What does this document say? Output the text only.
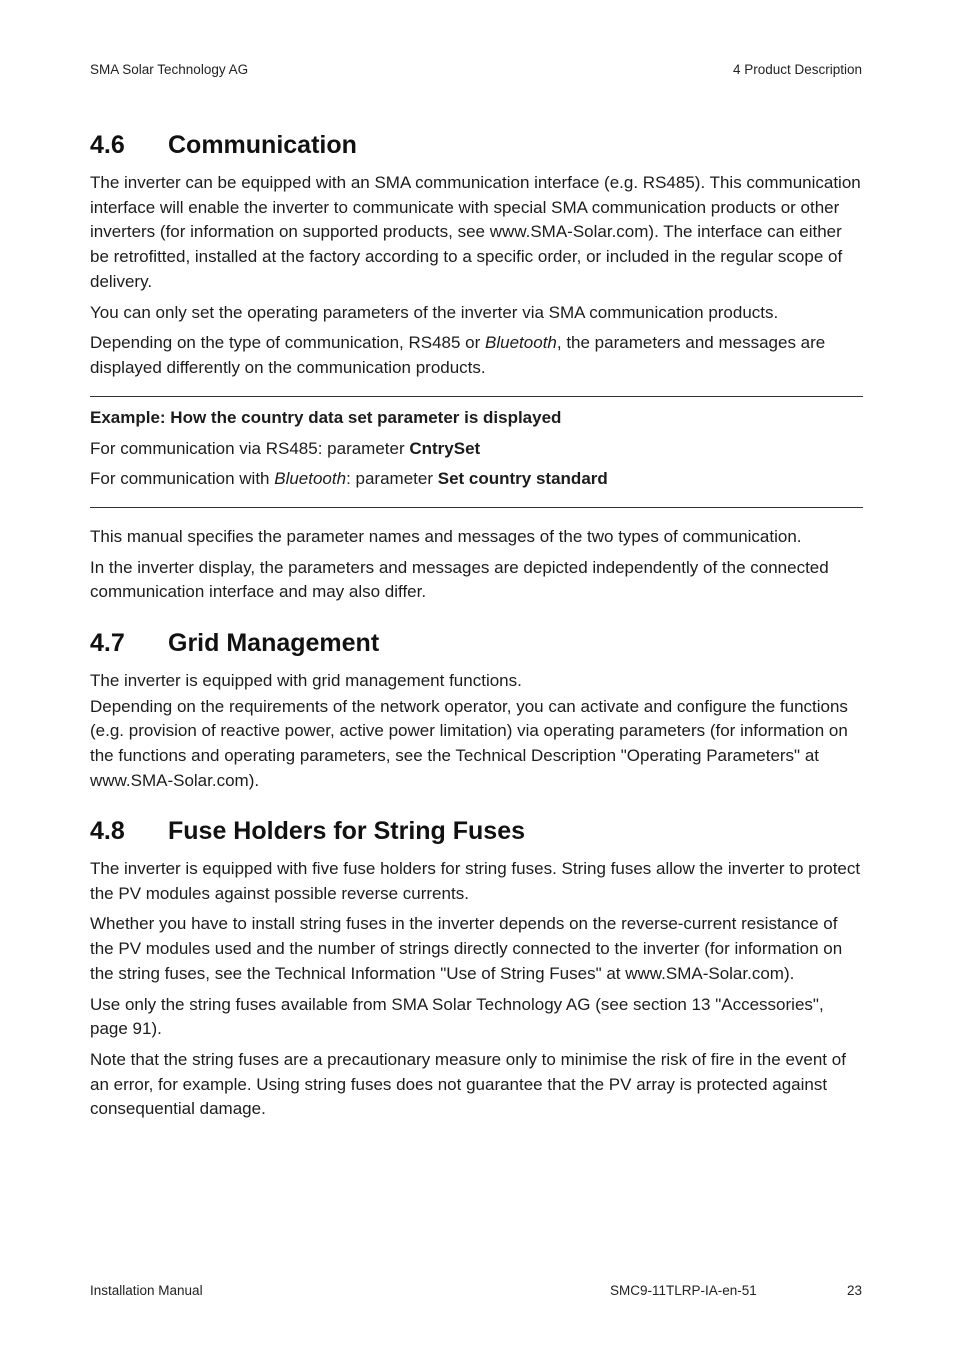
SMA Solar Technology AG	4 Product Description
4.6	Communication

The inverter can be equipped with an SMA communication interface (e.g. RS485). This communication interface will enable the inverter to communicate with special SMA communication products or other inverters (for information on supported products, see www.SMA-Solar.com). The interface can either be retrofitted, installed at the factory according to a specific order, or included in the regular scope of delivery.

You can only set the operating parameters of the inverter via SMA communication products.

Depending on the type of communication, RS485 or Bluetooth, the parameters and messages are displayed differently on the communication products.

Example: How the country data set parameter is displayed

For communication via RS485: parameter CntrySet

For communication with Bluetooth: parameter Set country standard

This manual specifies the parameter names and messages of the two types of communication.

In the inverter display, the parameters and messages are depicted independently of the connected communication interface and may also differ.

4.7	Grid Management

The inverter is equipped with grid management functions.

Depending on the requirements of the network operator, you can activate and configure the functions (e.g. provision of reactive power, active power limitation) via operating parameters (for information on the functions and operating parameters, see the Technical Description "Operating Parameters" at www.SMA-Solar.com).

4.8	Fuse Holders for String Fuses

The inverter is equipped with five fuse holders for string fuses. String fuses allow the inverter to protect the PV modules against possible reverse currents.

Whether you have to install string fuses in the inverter depends on the reverse-current resistance of the PV modules used and the number of strings directly connected to the inverter (for information on the string fuses, see the Technical Information "Use of String Fuses" at www.SMA-Solar.com).

Use only the string fuses available from SMA Solar Technology AG (see section 13 "Accessories", page 91).

Note that the string fuses are a precautionary measure only to minimise the risk of fire in the event of an error, for example. Using string fuses does not guarantee that the PV array is protected against consequential damage.

Installation Manual	SMC9-11TLRP-IA-en-51	23
